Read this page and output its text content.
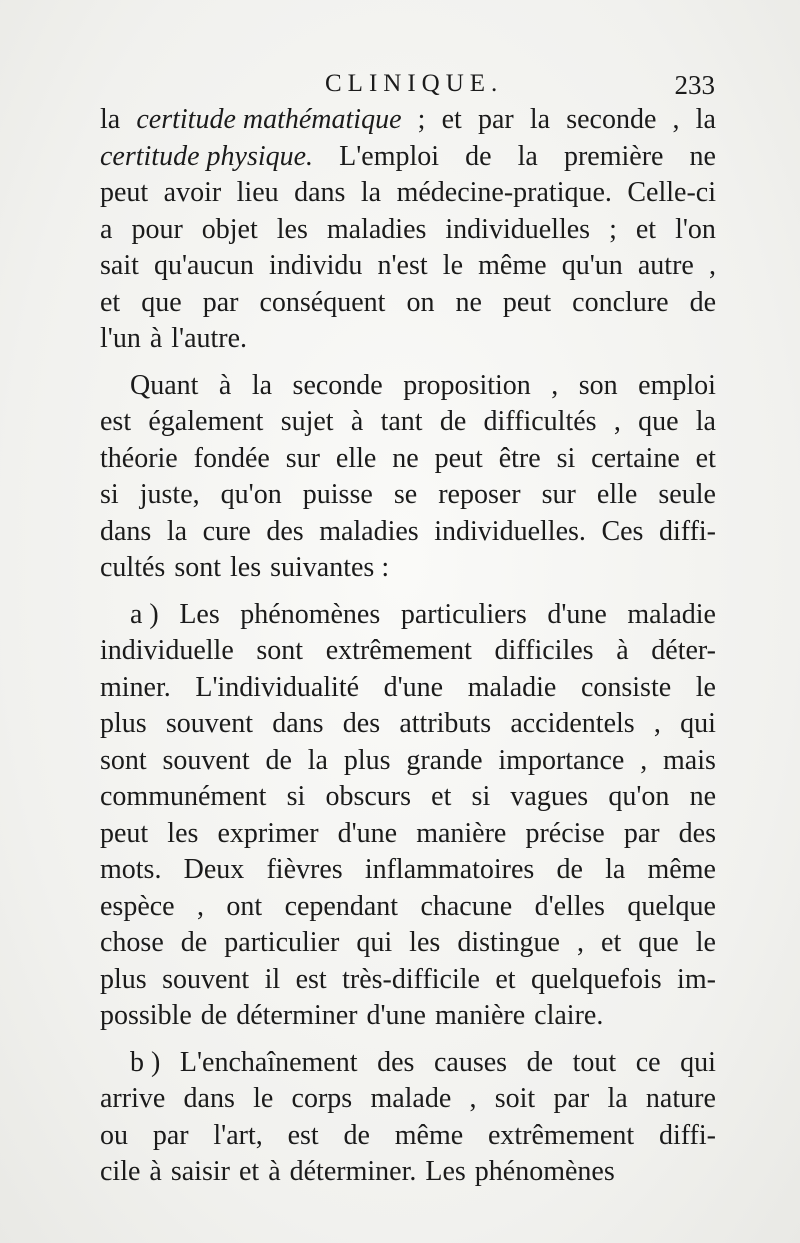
CLINIQUE.	233
la certitude mathématique ; et par la seconde , la
certitude physique. L'emploi de la première ne
peut avoir lieu dans la médecine-pratique. Celle-ci
a pour objet les maladies individuelles ; et l'on
sait qu'aucun individu n'est le même qu'un autre ,
et que par conséquent on ne peut conclure de
l'un à l'autre.
Quant à la seconde proposition , son emploi
est également sujet à tant de difficultés , que la
théorie fondée sur elle ne peut être si certaine et
si juste, qu'on puisse se reposer sur elle seule
dans la cure des maladies individuelles. Ces diffi-
cultés sont les suivantes :
a ) Les phénomènes particuliers d'une maladie
individuelle sont extrêmement difficiles à déter-
miner. L'individualité d'une maladie consiste le
plus souvent dans des attributs accidentels , qui
sont souvent de la plus grande importance , mais
communément si obscurs et si vagues qu'on ne
peut les exprimer d'une manière précise par des
mots. Deux fièvres inflammatoires de la même
espèce , ont cependant chacune d'elles quelque
chose de particulier qui les distingue , et que le
plus souvent il est très-difficile et quelquefois im-
possible de déterminer d'une manière claire.
b ) L'enchaînement des causes de tout ce qui
arrive dans le corps malade , soit par la nature
ou par l'art, est de même extrêmement diffi-
cile à saisir et à déterminer. Les phénomènes
